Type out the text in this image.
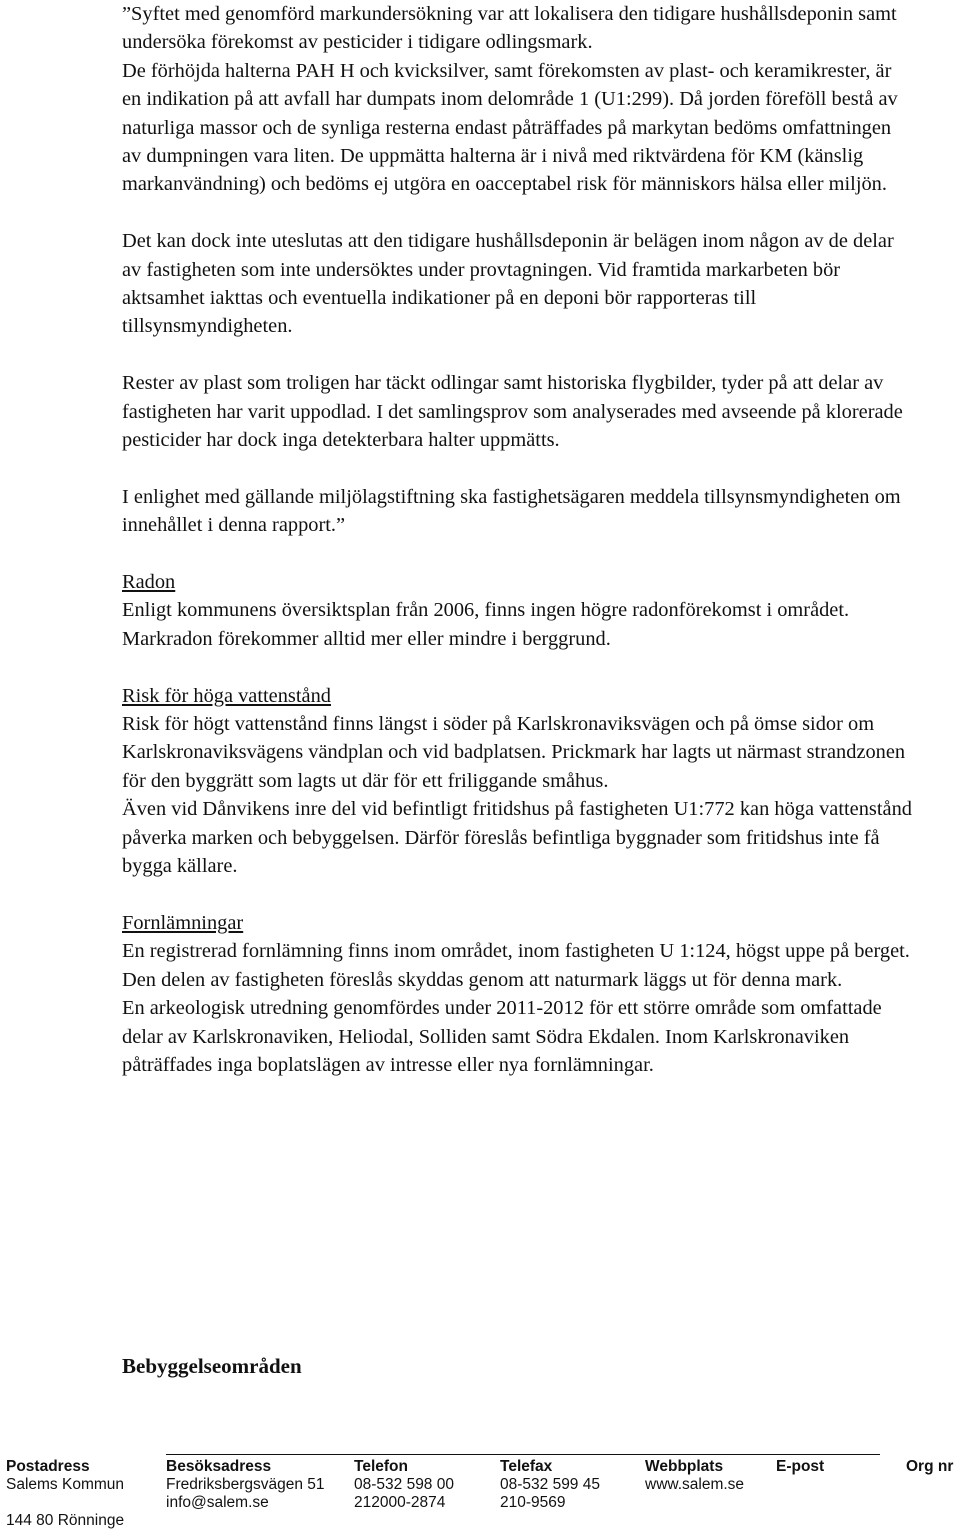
”Syftet med genomförd markundersökning var att lokalisera den tidigare hushållsdeponin samt undersöka förekomst av pesticider i tidigare odlingsmark.

De förhöjda halterna PAH H och kvicksilver, samt förekomsten av plast- och keramikrester, är en indikation på att avfall har dumpats inom delområde 1 (U1:299). Då jorden föreföll bestå av naturliga massor och de synliga resterna endast påträffades på markytan bedöms omfattningen av dumpningen vara liten. De uppmätta halterna är i nivå med riktvärdena för KM (känslig markanvändning) och bedöms ej utgöra en oacceptabel risk för människors hälsa eller miljön.

Det kan dock inte uteslutas att den tidigare hushållsdeponin är belägen inom någon av de delar av fastigheten som inte undersöktes under provtagningen. Vid framtida markarbeten bör aktsamhet iakttas och eventuella indikationer på en deponi bör rapporteras till tillsynsmyndigheten.

Rester av plast som troligen har täckt odlingar samt historiska flygbilder, tyder på att delar av fastigheten har varit uppodlad. I det samlingsprov som analyserades med avseende på klorerade pesticider har dock inga detekterbara halter uppmätts.

I enlighet med gällande miljölagstiftning ska fastighetsägaren meddela tillsynsmyndigheten om innehållet i denna rapport.”

Radon

Enligt kommunens översiktsplan från 2006, finns ingen högre radonförekomst i området. Markradon förekommer alltid mer eller mindre i berggrund.

Risk för höga vattenstånd

Risk för högt vattenstånd finns längst i söder på Karlskronaviksvägen och på ömse sidor om Karlskronaviksvägens vändplan och vid badplatsen. Prickmark har lagts ut närmast strandzonen för den byggrätt som lagts ut där för ett friliggande småhus.

Även vid Dånvikens inre del vid befintligt fritidshus på fastigheten U1:772 kan höga vattenstånd påverka marken och bebyggelsen. Därför föreslås befintliga byggnader som fritidshus inte få bygga källare.

Fornlämningar

En registrerad fornlämning finns inom området, inom fastigheten U 1:124, högst uppe på berget. Den delen av fastigheten föreslås skyddas genom att naturmark läggs ut för denna mark.

En arkeologisk utredning genomfördes under 2011-2012 för ett större område som omfattade delar av Karlskronaviken, Heliodal, Solliden samt Södra Ekdalen. Inom Karlskronaviken påträffades inga boplatslägen av intresse eller nya fornlämningar.

Bebyggelseområden

Postadress
Salems Kommun
144 80 Rönninge
Besöksadress
Fredriksbergsvägen 51
info@salem.se
Telefon
08-532 598 00
212000-2874
Telefax
08-532 599 45
210-9569
Webbplats
www.salem.se
E-post	Org nr
